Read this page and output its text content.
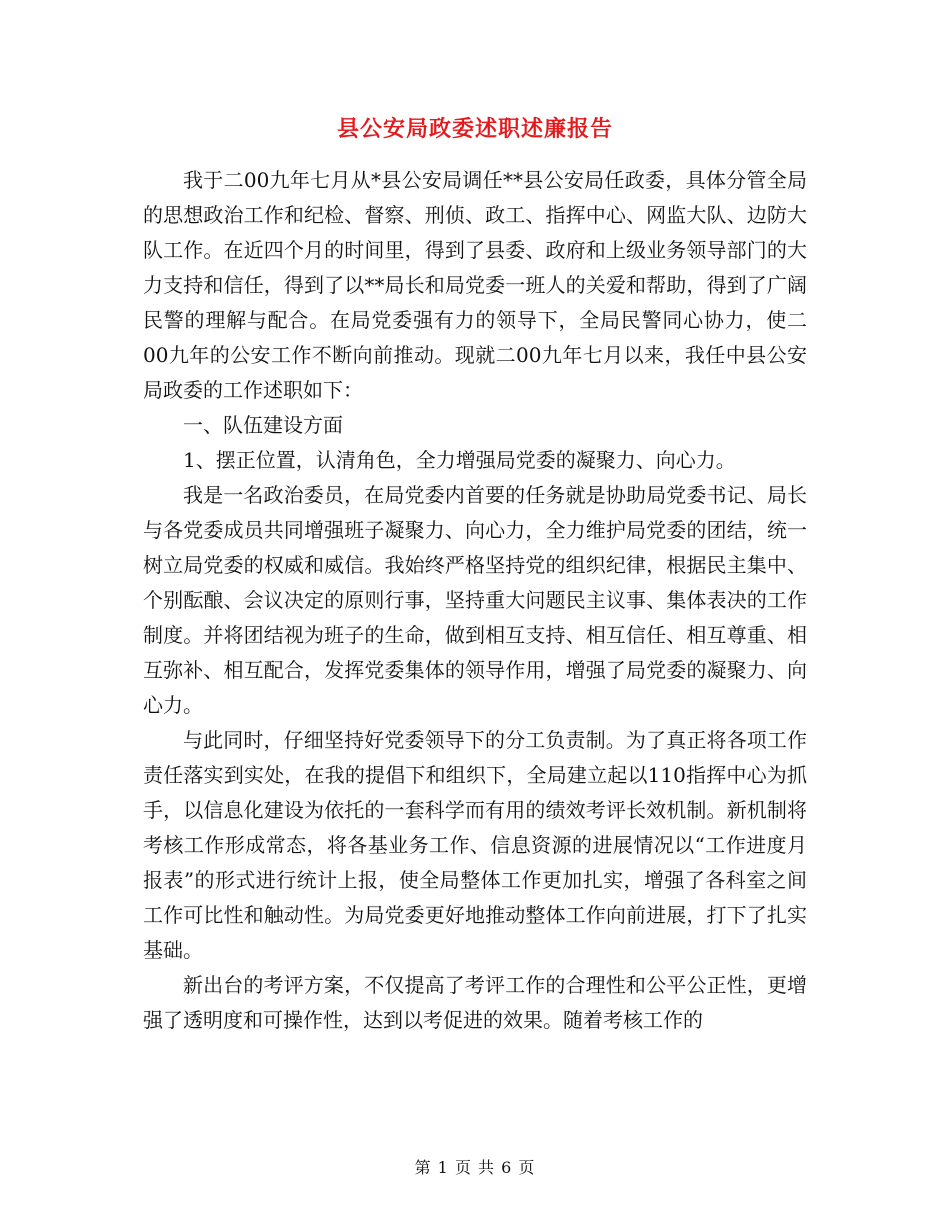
县公安局政委述职述廉报告

我于二00九年七月从*县公安局调任**县公安局任政委，具体分管全局的思想政治工作和纪检、督察、刑侦、政工、指挥中心、网监大队、边防大队工作。在近四个月的时间里，得到了县委、政府和上级业务领导部门的大力支持和信任，得到了以**局长和局党委一班人的关爱和帮助，得到了广阔民警的理解与配合。在局党委强有力的领导下，全局民警同心协力，使二00九年的公安工作不断向前推动。现就二00九年七月以来，我任中县公安局政委的工作述职如下：

一、队伍建设方面

1、摆正位置，认清角色，全力增强局党委的凝聚力、向心力。

我是一名政治委员，在局党委内首要的任务就是协助局党委书记、局长与各党委成员共同增强班子凝聚力、向心力，全力维护局党委的团结，统一树立局党委的权威和威信。我始终严格坚持党的组织纪律，根据民主集中、个别酝酿、会议决定的原则行事，坚持重大问题民主议事、集体表决的工作制度。并将团结视为班子的生命，做到相互支持、相互信任、相互尊重、相互弥补、相互配合，发挥党委集体的领导作用，增强了局党委的凝聚力、向心力。

与此同时，仔细坚持好党委领导下的分工负责制。为了真正将各项工作责任落实到实处，在我的提倡下和组织下，全局建立起以110指挥中心为抓手，以信息化建设为依托的一套科学而有用的绩效考评长效机制。新机制将考核工作形成常态，将各基业务工作、信息资源的进展情况以“工作进度月报表”的形式进行统计上报，使全局整体工作更加扎实，增强了各科室之间工作可比性和触动性。为局党委更好地推动整体工作向前进展，打下了扎实基础。

新出台的考评方案，不仅提高了考评工作的合理性和公平公正性，更增强了透明度和可操作性，达到以考促进的效果。随着考核工作的

第 1 页 共 6 页
